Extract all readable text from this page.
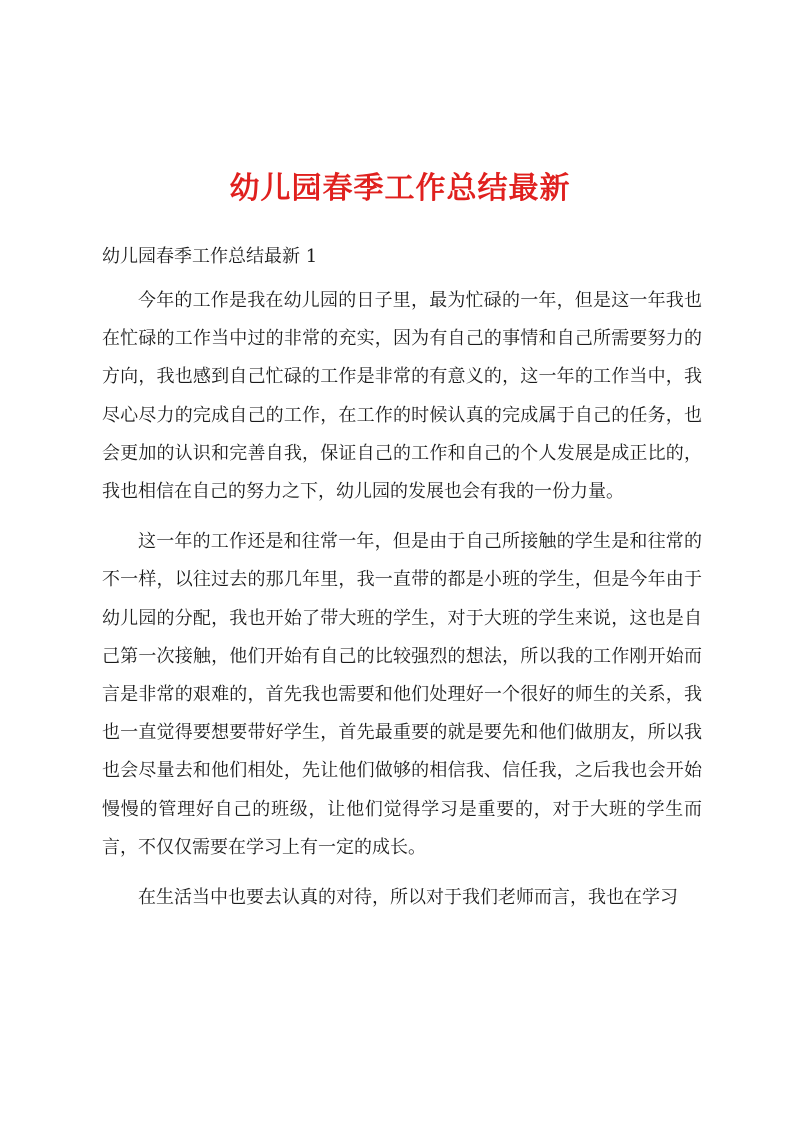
幼儿园春季工作总结最新

幼儿园春季工作总结最新 1

今年的工作是我在幼儿园的日子里，最为忙碌的一年，但是这一年我也在忙碌的工作当中过的非常的充实，因为有自己的事情和自己所需要努力的方向，我也感到自己忙碌的工作是非常的有意义的，这一年的工作当中，我尽心尽力的完成自己的工作，在工作的时候认真的完成属于自己的任务，也会更加的认识和完善自我，保证自己的工作和自己的个人发展是成正比的，我也相信在自己的努力之下，幼儿园的发展也会有我的一份力量。

这一年的工作还是和往常一年，但是由于自己所接触的学生是和往常的不一样，以往过去的那几年里，我一直带的都是小班的学生，但是今年由于幼儿园的分配，我也开始了带大班的学生，对于大班的学生来说，这也是自己第一次接触，他们开始有自己的比较强烈的想法，所以我的工作刚开始而言是非常的艰难的，首先我也需要和他们处理好一个很好的师生的关系，我也一直觉得要想要带好学生，首先最重要的就是要先和他们做朋友，所以我也会尽量去和他们相处，先让他们做够的相信我、信任我，之后我也会开始慢慢的管理好自己的班级，让他们觉得学习是重要的，对于大班的学生而言，不仅仅需要在学习上有一定的成长。

在生活当中也要去认真的对待，所以对于我们老师而言，我也在学习
